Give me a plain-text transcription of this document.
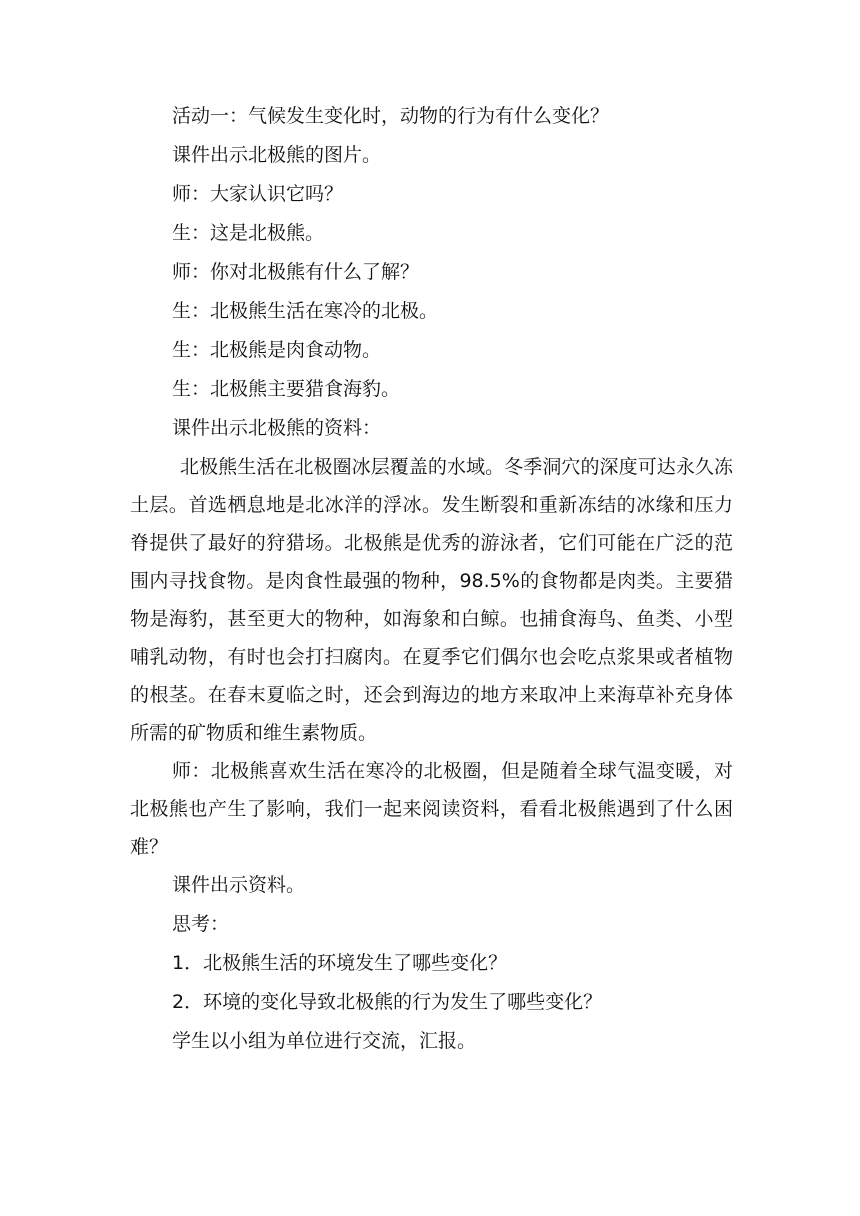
活动一：气候发生变化时，动物的行为有什么变化？
课件出示北极熊的图片。
师：大家认识它吗？
生：这是北极熊。
师：你对北极熊有什么了解？
生：北极熊生活在寒冷的北极。
生：北极熊是肉食动物。
生：北极熊主要猎食海豹。
课件出示北极熊的资料：

北极熊生活在北极圈冰层覆盖的水域。冬季洞穴的深度可达永久冻土层。首选栖息地是北冰洋的浮冰。发生断裂和重新冻结的冰缘和压力脊提供了最好的狩猎场。北极熊是优秀的游泳者，它们可能在广泛的范围内寻找食物。是肉食性最强的物种，98.5%的食物都是肉类。主要猎物是海豹，甚至更大的物种，如海象和白鲸。也捕食海鸟、鱼类、小型哺乳动物，有时也会打扫腐肉。在夏季它们偶尔也会吃点浆果或者植物的根茎。在春末夏临之时，还会到海边的地方来取冲上来海草补充身体所需的矿物质和维生素物质。

师：北极熊喜欢生活在寒冷的北极圈，但是随着全球气温变暖，对北极熊也产生了影响，我们一起来阅读资料，看看北极熊遇到了什么困难？

课件出示资料。
思考：
1．北极熊生活的环境发生了哪些变化？
2．环境的变化导致北极熊的行为发生了哪些变化？
学生以小组为单位进行交流，汇报。
